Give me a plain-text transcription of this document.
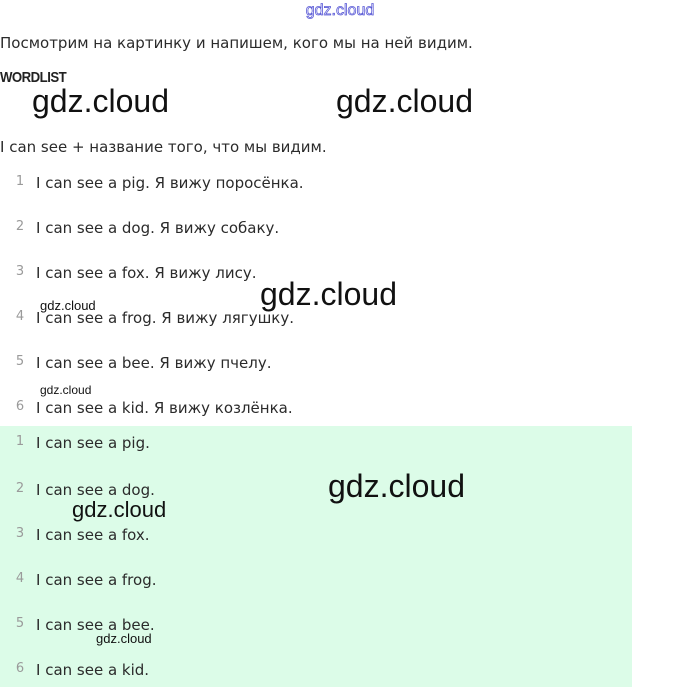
gdz.cloud
Посмотрим на картинку и напишем, кого мы на ней видим.
WORDLIST
I can see + название того, что мы видим.
1 I can see a pig. Я вижу поросёнка.
2 I can see a dog. Я вижу собаку.
3 I can see a fox. Я вижу лису.
4 I can see a frog. Я вижу лягушку.
5 I can see a bee. Я вижу пчелу.
6 I can see a kid. Я вижу козлёнка.
1 I can see a pig.
2 I can see a dog.
3 I can see a fox.
4 I can see a frog.
5 I can see a bee.
6 I can see a kid.
gdz.cloud	gdz.cloud
gdz.cloud
gdz.cloud
gdz.cloud
gdz.cloud
gdz.cloud
gdz.cloud
